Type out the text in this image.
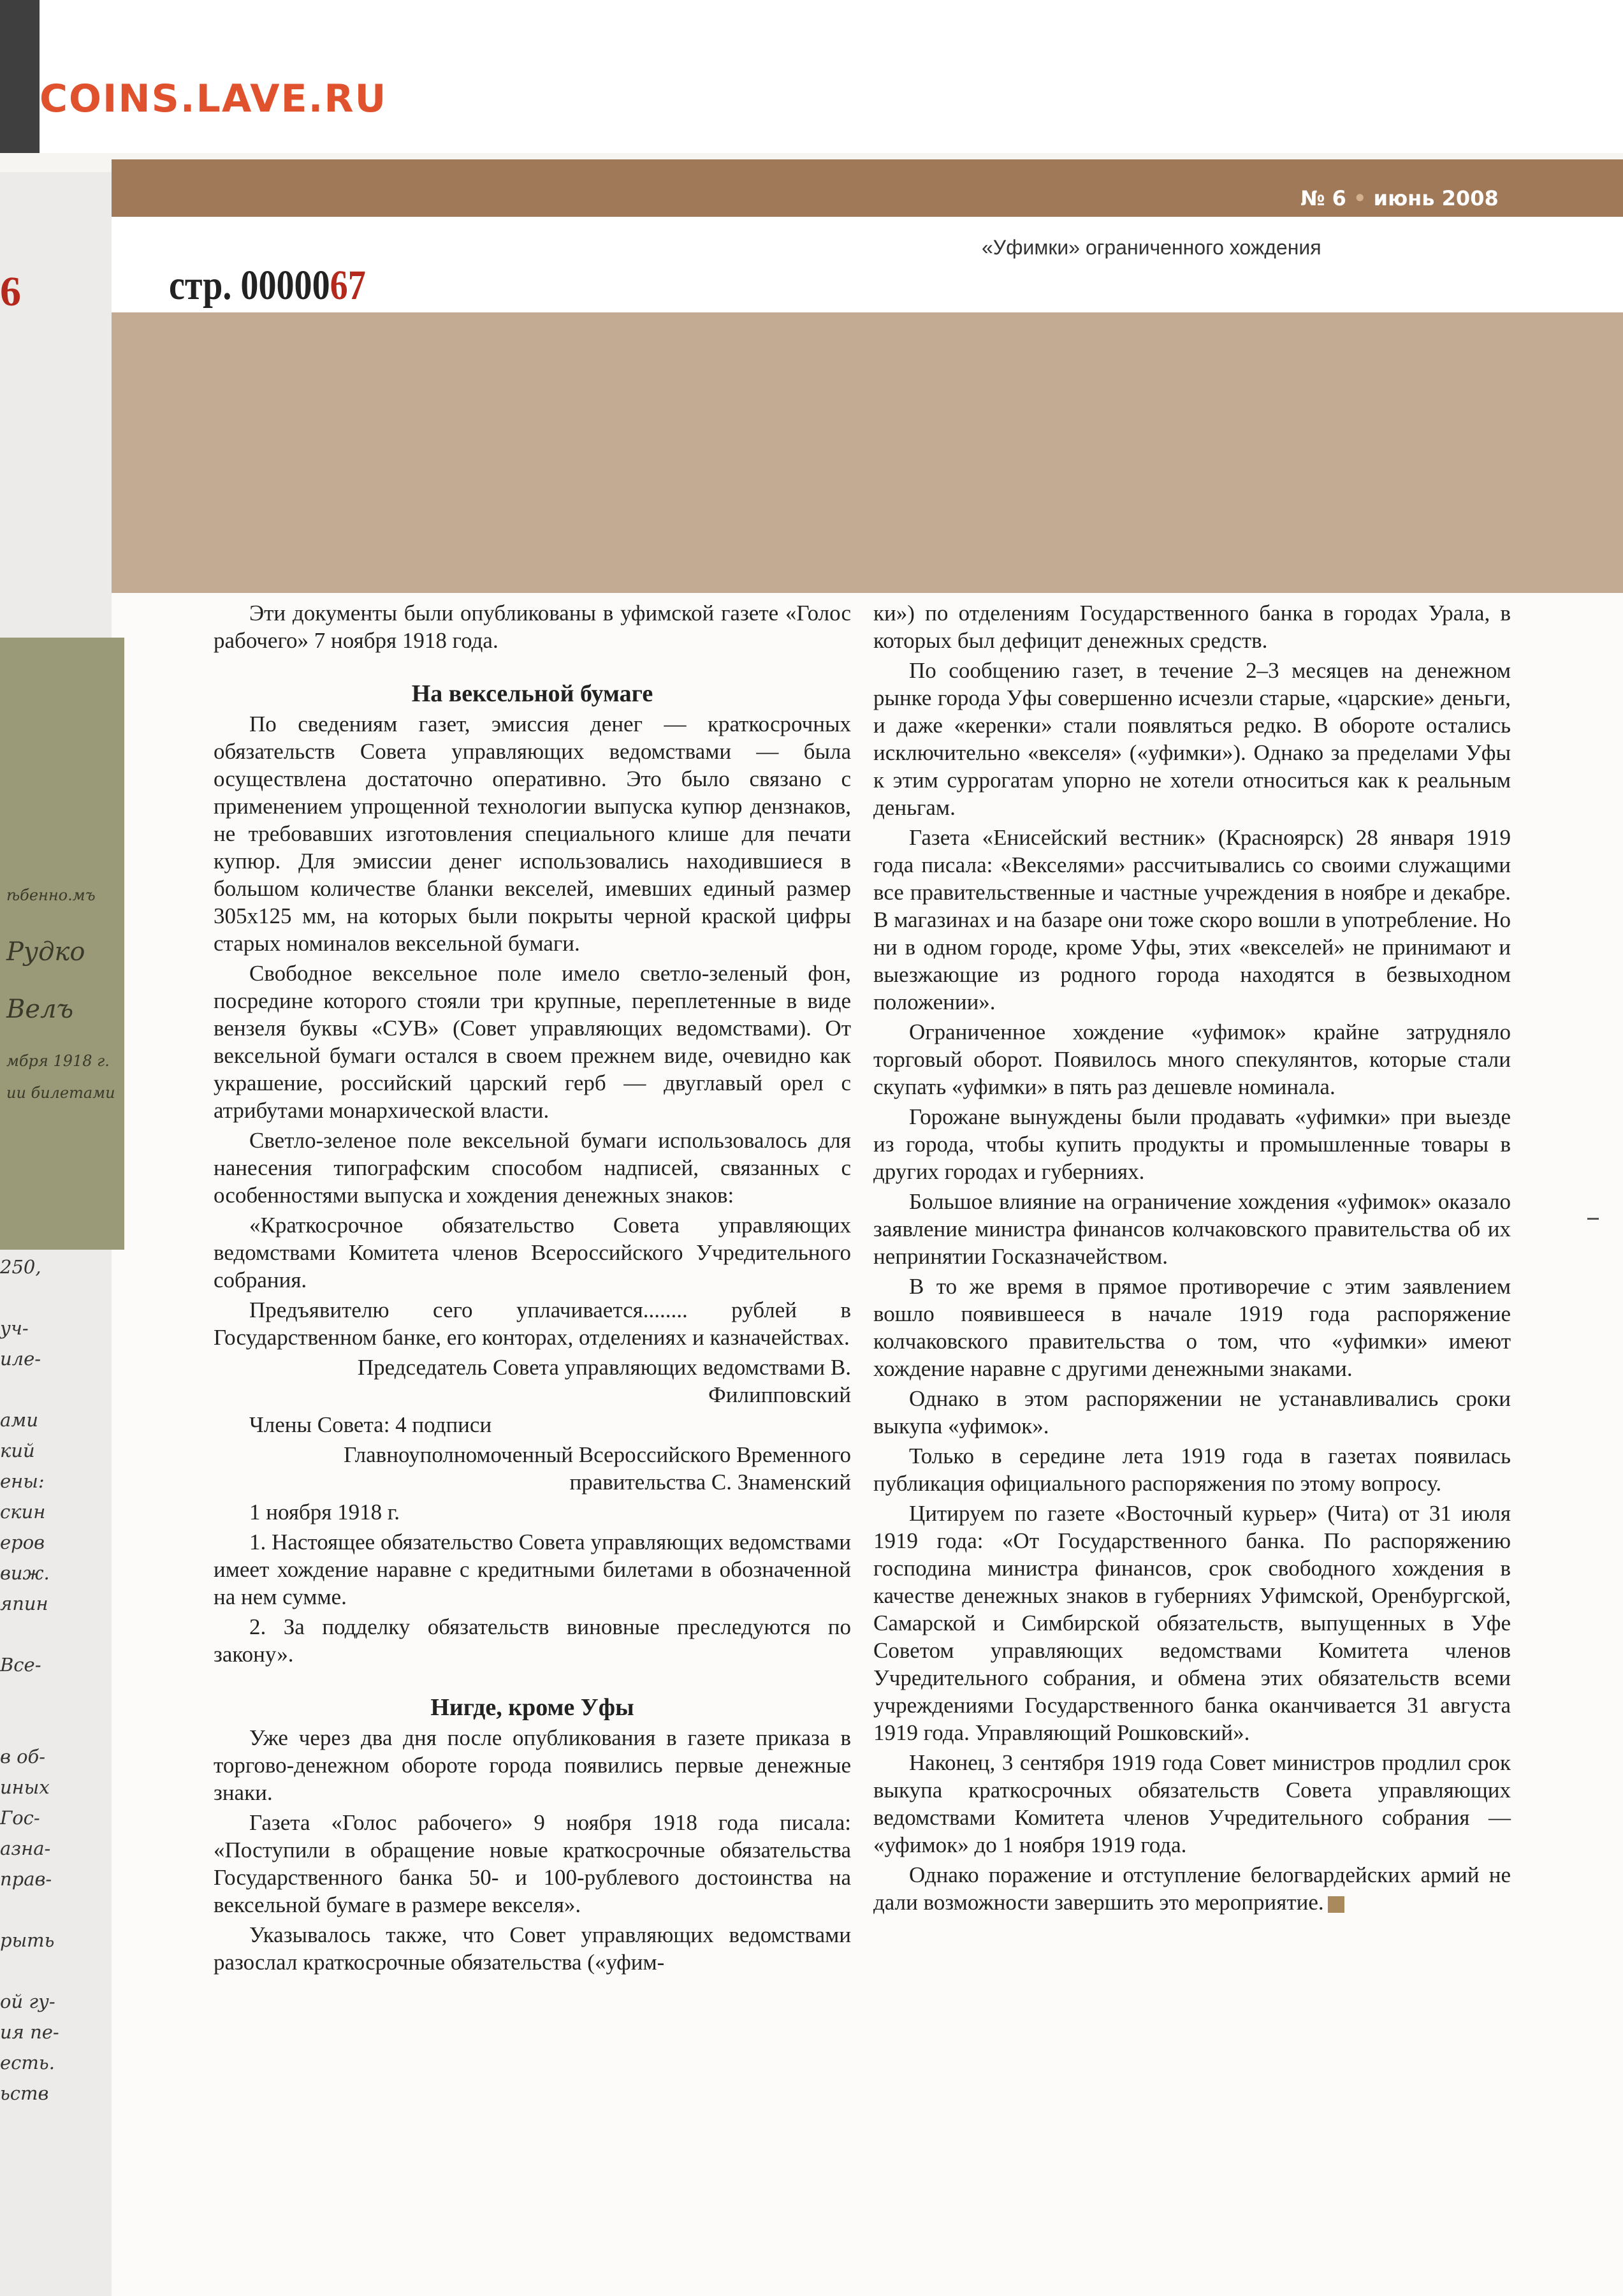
COINS.LAVE.RU
№ 6 • июнь 2008
стр. 0000067
«Уфимки» ограниченного хождения
6
ѣбенно.мъ
Рудко
Велъ
мбря 1918 г.
ии билетами
250,
уч-
иле-
ами
кий
ены:
скин
еров
виж.
япин
Все-
в об-
иных
Гос-
азна-
прав-
рыть
ой гу-
ия пе-
есть.
ьств

Эти документы были опубликованы в уфимской газете «Голос рабочего» 7 ноября 1918 года.

На вексельной бумаге

По сведениям газет, эмиссия денег — краткосрочных обязательств Совета управляющих ведомствами — была осуществлена достаточно оперативно. Это было связано с применением упрощенной технологии выпуска купюр дензнаков, не требовавших изготовления специального клише для печати купюр. Для эмиссии денег использовались находившиеся в большом количестве бланки векселей, имевших единый размер 305х125 мм, на которых были покрыты черной краской цифры старых номиналов вексельной бумаги.

Свободное вексельное поле имело светло-зеленый фон, посредине которого стояли три крупные, переплетенные в виде вензеля буквы «СУВ» (Совет управляющих ведомствами). От вексельной бумаги остался в своем прежнем виде, очевидно как украшение, российский царский герб — двуглавый орел с атрибутами монархической власти.

Светло-зеленое поле вексельной бумаги использовалось для нанесения типографским способом надписей, связанных с особенностями выпуска и хождения денежных знаков:

«Краткосрочное обязательство Совета управляющих ведомствами Комитета членов Всероссийского Учредительного собрания.

Предъявителю сего уплачивается........ рублей в Государственном банке, его конторах, отделениях и казначействах.

Председатель Совета управляющих ведомствами В. Филипповский

Члены Совета: 4 подписи

Главноуполномоченный Всероссийского Временного правительства С. Знаменский

1 ноября 1918 г.

1. Настоящее обязательство Совета управляющих ведомствами имеет хождение наравне с кредитными билетами в обозначенной на нем сумме.

2. За подделку обязательств виновные преследуются по закону».

Нигде, кроме Уфы

Уже через два дня после опубликования в газете приказа в торгово-денежном обороте города появились первые денежные знаки.

Газета «Голос рабочего» 9 ноября 1918 года писала: «Поступили в обращение новые краткосрочные обязательства Государственного банка 50- и 100-рублевого достоинства на вексельной бумаге в размере векселя».

Указывалось также, что Совет управляющих ведомствами разослал краткосрочные обязательства («уфим-

ки») по отделениям Государственного банка в городах Урала, в которых был дефицит денежных средств.

По сообщению газет, в течение 2–3 месяцев на денежном рынке города Уфы совершенно исчезли старые, «царские» деньги, и даже «керенки» стали появляться редко. В обороте остались исключительно «векселя» («уфимки»). Однако за пределами Уфы к этим суррогатам упорно не хотели относиться как к реальным деньгам.

Газета «Енисейский вестник» (Красноярск) 28 января 1919 года писала: «Векселями» рассчитывались со своими служащими все правительственные и частные учреждения в ноябре и декабре. В магазинах и на базаре они тоже скоро вошли в употребление. Но ни в одном городе, кроме Уфы, этих «векселей» не принимают и выезжающие из родного города находятся в безвыходном положении».

Ограниченное хождение «уфимок» крайне затрудняло торговый оборот. Появилось много спекулянтов, которые стали скупать «уфимки» в пять раз дешевле номинала.

Горожане вынуждены были продавать «уфимки» при выезде из города, чтобы купить продукты и промышленные товары в других городах и губерниях.

Большое влияние на ограничение хождения «уфимок» оказало заявление министра финансов колчаковского правительства об их непринятии Госказначейством.

В то же время в прямое противоречие с этим заявлением вошло появившееся в начале 1919 года распоряжение колчаковского правительства о том, что «уфимки» имеют хождение наравне с другими денежными знаками.

Однако в этом распоряжении не устанавливались сроки выкупа «уфимок».

Только в середине лета 1919 года в газетах появилась публикация официального распоряжения по этому вопросу.

Цитируем по газете «Восточный курьер» (Чита) от 31 июля 1919 года: «От Государственного банка. По распоряжению господина министра финансов, срок свободного хождения в качестве денежных знаков в губерниях Уфимской, Оренбургской, Самарской и Симбирской обязательств, выпущенных в Уфе Советом управляющих ведомствами Комитета членов Учредительного собрания, и обмена этих обязательств всеми учреждениями Государственного банка оканчивается 31 августа 1919 года. Управляющий Рошковский».

Наконец, 3 сентября 1919 года Совет министров продлил срок выкупа краткосрочных обязательств Совета управляющих ведомствами Комитета членов Учредительного собрания — «уфимок» до 1 ноября 1919 года.

Однако поражение и отступление белогвардейских армий не дали возможности завершить это мероприятие.
